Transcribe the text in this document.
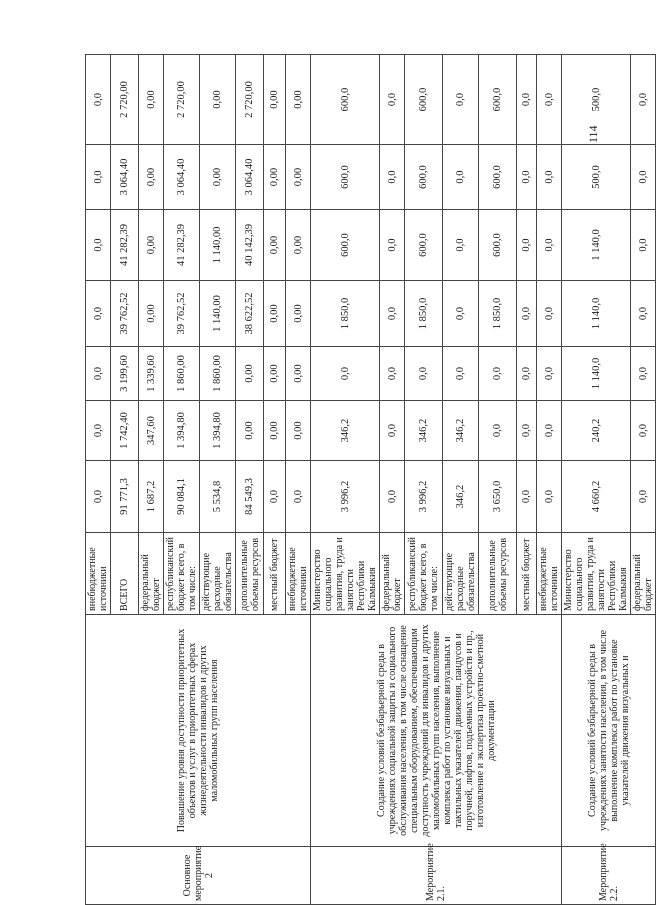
Основное мероприятие 2	Повышение уровня доступности приоритетных объектов и услуг в приоритетных сферах жизнедеятельности инвалидов и других маломобильных групп населения	внебюджетные источники	0,0	0,0	0,0	0,0	0,0	0,0	0,0
		ВСЕГО	91 771,3	1 742,40	3 199,60	39 762,52	41 282,39	3 064,40	2 720,00
		федеральный бюджет	1 687,2	347,60	1 339,60	0,00	0,00	0,00	0,00
		республиканский бюджет всего, в том числе:	90 084,1	1 394,80	1 860,00	39 762,52	41 282,39	3 064,40	2 720,00
		действующие расходные обязательства	5 534,8	1 394,80	1 860,00	1 140,00	1 140,00	0,00	0,00
		дополнительные объемы ресурсов	84 549,3	0,00	0,00	38 622,52	40 142,39	3 064,40	2 720,00
		местный бюджет	0,0	0,00	0,00	0,00	0,00	0,00	0,00
		внебюджетные источники	0,0	0,00	0,00	0,00	0,00	0,00	0,00
Мероприятие 2.1.	Создание условий безбарьерной среды в учреждениях социальной защиты и социального обслуживания населения, в том числе оснащение специальным оборудованием, обеспечивающим доступность учреждений для инвалидов и других маломобильных групп населения, выполнение комплекса работ по установке визуальных и тактильных указателей движения, пандусов и поручней, лифтов, подъемных устройств и пр., изготовление и экспертиза проектно-сметной документации	Министерство социального развития, труда и занятости Республики Калмыкия	3 996,2	346,2	0,0	1 850,0	600,0	600,0	600,0
		федеральный бюджет	0,0	0,0	0,0	0,0	0,0	0,0	0,0
		республиканский бюджет всего, в том числе:	3 996,2	346,2	0,0	1 850,0	600,0	600,0	600,0
		действующие расходные обязательства	346,2	346,2	0,0	0,0	0,0	0,0	0,0
		дополнительные объемы ресурсов	3 650,0	0,0	0,0	1 850,0	600,0	600,0	600,0
		местный бюджет	0,0	0,0	0,0	0,0	0,0	0,0	0,0
		внебюджетные источники	0,0	0,0	0,0	0,0	0,0	0,0	0,0
Мероприятие 2.2.	Создание условий безбарьерной среды в учреждениях занятости населения, в том числе выполнение комплекса работ по установке указателей движения визуальных и	Министерство социального развития, труда и занятости Республики Калмыкия	4 660,2	240,2	1 140,0	1 140,0	1 140,0	500,0	500,0
		федеральный бюджет	0,0	0,0	0,0	0,0	0,0	0,0	0,0
114
